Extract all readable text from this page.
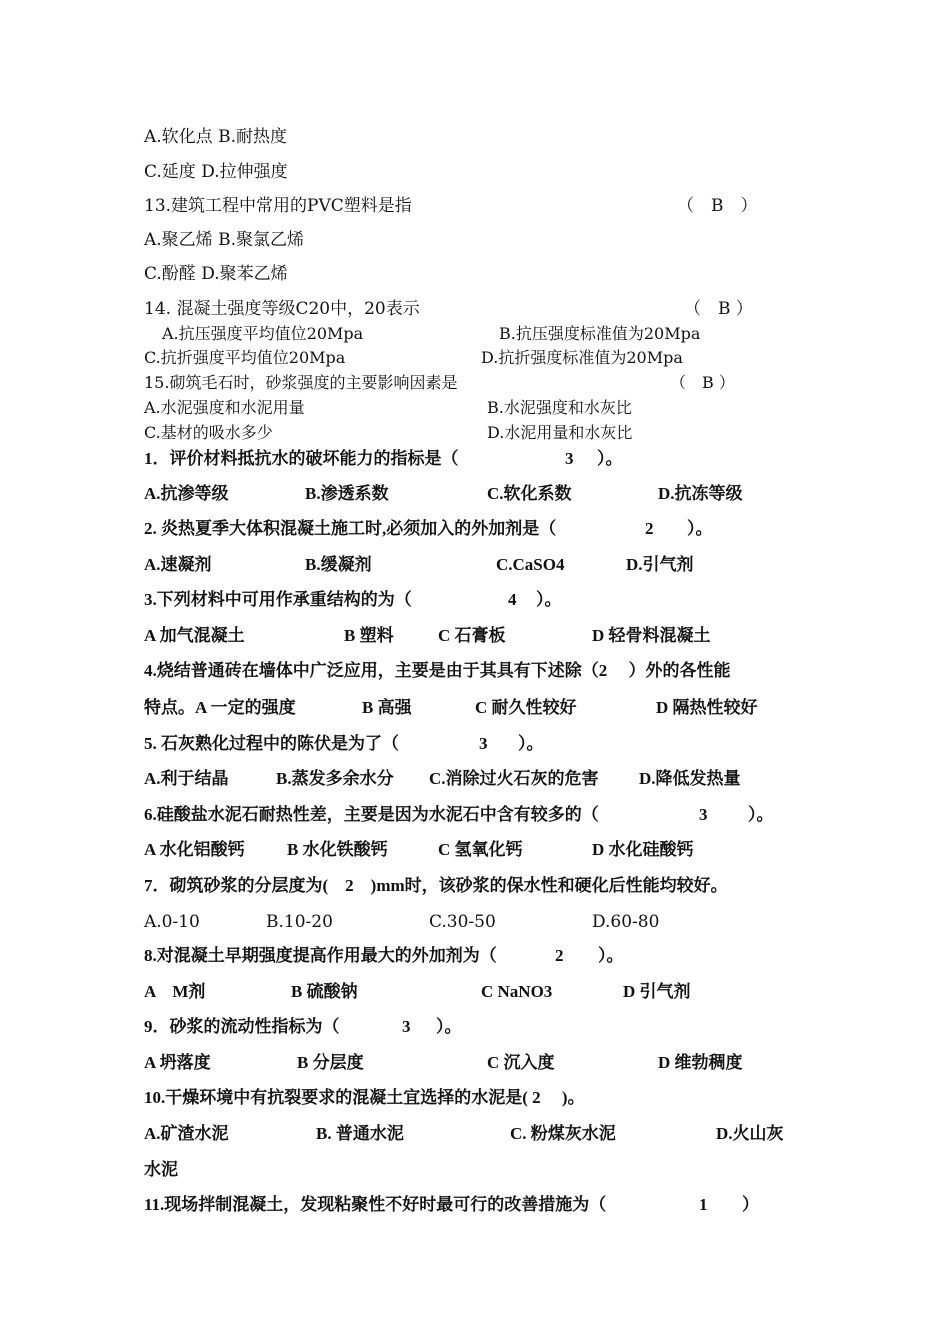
A.软化点 B.耐热度
C.延度 D.拉伸强度
13.建筑工程中常用的PVC塑料是指	（　B　）
A.聚乙烯 B.聚氯乙烯
C.酚醛 D.聚苯乙烯
14. 混凝土强度等级C20中，20表示	（　B ）
A.抗压强度平均值位20Mpa	B.抗压强度标准值为20Mpa
C.抗折强度平均值位20Mpa	D.抗折强度标准值为20Mpa
15.砌筑毛石时，砂浆强度的主要影响因素是	（　B ）
A.水泥强度和水泥用量	B.水泥强度和水灰比
C.基材的吸水多少	D.水泥用量和水灰比
1．评价材料抵抗水的破坏能力的指标是（	3 ）。
A.抗渗等级	B.渗透系数	C.软化系数	D.抗冻等级
2. 炎热夏季大体积混凝土施工时,必须加入的外加剂是（	2 ）。
A.速凝剂	B.缓凝剂	C.CaSO4	D.引气剂
3.下列材料中可用作承重结构的为（	4 ）。
A 加气混凝土	B 塑料	C 石膏板	D 轻骨料混凝土
4.烧结普通砖在墙体中广泛应用，主要是由于其具有下述除（2　 ）外的各性能
特点。A 一定的强度	B 高强	C 耐久性较好	D 隔热性较好
5. 石灰熟化过程中的陈伏是为了（	3 ）。
A.利于结晶	B.蒸发多余水分 C.消除过火石灰的危害 D.降低发热量
6.硅酸盐水泥石耐热性差，主要是因为水泥石中含有较多的（	3 ）。
A 水化铝酸钙 B 水化铁酸钙	C 氢氧化钙	D 水化硅酸钙
7．砌筑砂浆的分层度为(　2　)mm时，该砂浆的保水性和硬化后性能均较好。
A.0-10	B.10-20	C.30-50	D.60-80
8.对混凝土早期强度提高作用最大的外加剂为（	2 ）。
A　M剂	B 硫酸钠	C NaNO3	D 引气剂
9．砂浆的流动性指标为（	3 ）。
A 坍落度	B 分层度	C 沉入度	D 维勃稠度
10.干燥环境中有抗裂要求的混凝土宜选择的水泥是( 2　 )。
A.矿渣水泥	B. 普通水泥	C. 粉煤灰水泥	D.火山灰
水泥
11.现场拌制混凝土，发现粘聚性不好时最可行的改善措施为（	1 ）
